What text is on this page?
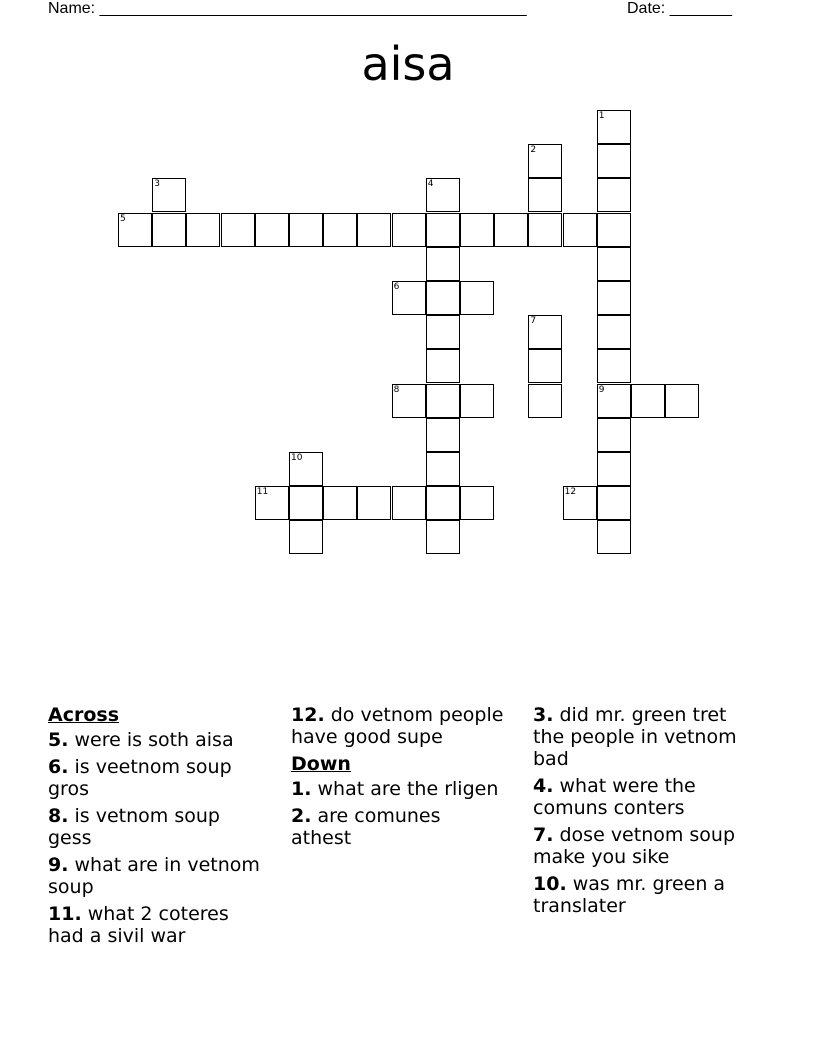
Name: ________________________________________________	Date: _______
aisa
1
9
2
3	4
5
6
7
8
10
11	12
Across
5. were is soth aisa
6. is veetnom soup gros
8. is vetnom soup gess
9. what are in vetnom soup
11. what 2 coteres had a sivil war
12. do vetnom people have good supe
Down
1. what are the rligen
2. are comunes athest
3. did mr. green tret the people in vetnom bad
4. what were the comuns conters
7. dose vetnom soup make you sike
10. was mr. green a translater
